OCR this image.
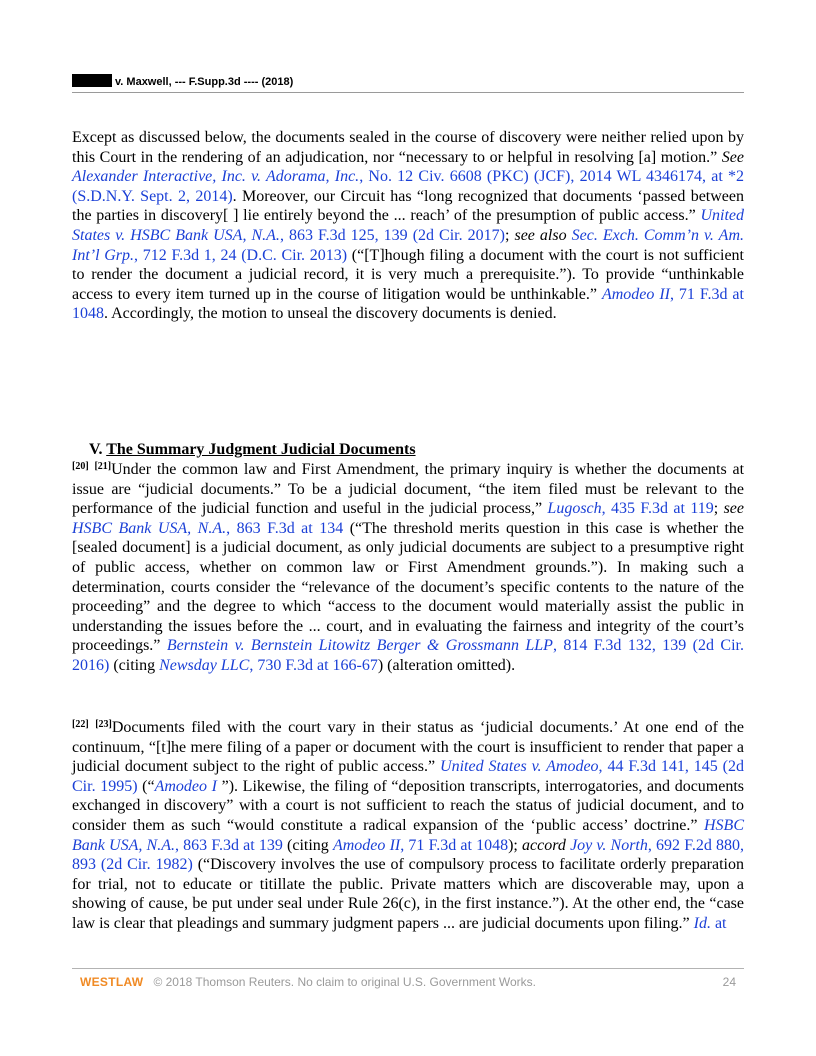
v. Maxwell, --- F.Supp.3d ---- (2018)
Except as discussed below, the documents sealed in the course of discovery were neither relied upon by this Court in the rendering of an adjudication, nor “necessary to or helpful in resolving [a] motion.” See Alexander Interactive, Inc. v. Adorama, Inc., No. 12 Civ. 6608 (PKC) (JCF), 2014 WL 4346174, at *2 (S.D.N.Y. Sept. 2, 2014). Moreover, our Circuit has “long recognized that documents ‘passed between the parties in discovery[ ] lie entirely beyond the ... reach’ of the presumption of public access.” United States v. HSBC Bank USA, N.A., 863 F.3d 125, 139 (2d Cir. 2017); see also Sec. Exch. Comm’n v. Am. Int’l Grp., 712 F.3d 1, 24 (D.C. Cir. 2013) (“[T]hough filing a document with the court is not sufficient to render the document a judicial record, it is very much a prerequisite.”). To provide “unthinkable access to every item turned up in the course of litigation would be unthinkable.” Amodeo II, 71 F.3d at 1048. Accordingly, the motion to unseal the discovery documents is denied.
V. The Summary Judgment Judicial Documents
[20] [21]Under the common law and First Amendment, the primary inquiry is whether the documents at issue are “judicial documents.” To be a judicial document, “the item filed must be relevant to the performance of the judicial function and useful in the judicial process,” Lugosch, 435 F.3d at 119; see HSBC Bank USA, N.A., 863 F.3d at 134 (“The threshold merits question in this case is whether the [sealed document] is a judicial document, as only judicial documents are subject to a presumptive right of public access, whether on common law or First Amendment grounds.”). In making such a determination, courts consider the “relevance of the document’s specific contents to the nature of the proceeding” and the degree to which “access to the document would materially assist the public in understanding the issues before the ... court, and in evaluating the fairness and integrity of the court’s proceedings.” Bernstein v. Bernstein Litowitz Berger & Grossmann LLP, 814 F.3d 132, 139 (2d Cir. 2016) (citing Newsday LLC, 730 F.3d at 166-67) (alteration omitted).
[22] [23]Documents filed with the court vary in their status as ‘judicial documents.’ At one end of the continuum, “[t]he mere filing of a paper or document with the court is insufficient to render that paper a judicial document subject to the right of public access.” United States v. Amodeo, 44 F.3d 141, 145 (2d Cir. 1995) (“Amodeo I ”). Likewise, the filing of “deposition transcripts, interrogatories, and documents exchanged in discovery” with a court is not sufficient to reach the status of judicial document, and to consider them as such “would constitute a radical expansion of the ‘public access’ doctrine.” HSBC Bank USA, N.A., 863 F.3d at 139 (citing Amodeo II, 71 F.3d at 1048); accord Joy v. North, 692 F.2d 880, 893 (2d Cir. 1982) (“Discovery involves the use of compulsory process to facilitate orderly preparation for trial, not to educate or titillate the public. Private matters which are discoverable may, upon a showing of cause, be put under seal under Rule 26(c), in the first instance.”). At the other end, the “case law is clear that pleadings and summary judgment papers ... are judicial documents upon filing.” Id. at
WESTLAW © 2018 Thomson Reuters. No claim to original U.S. Government Works.	24
